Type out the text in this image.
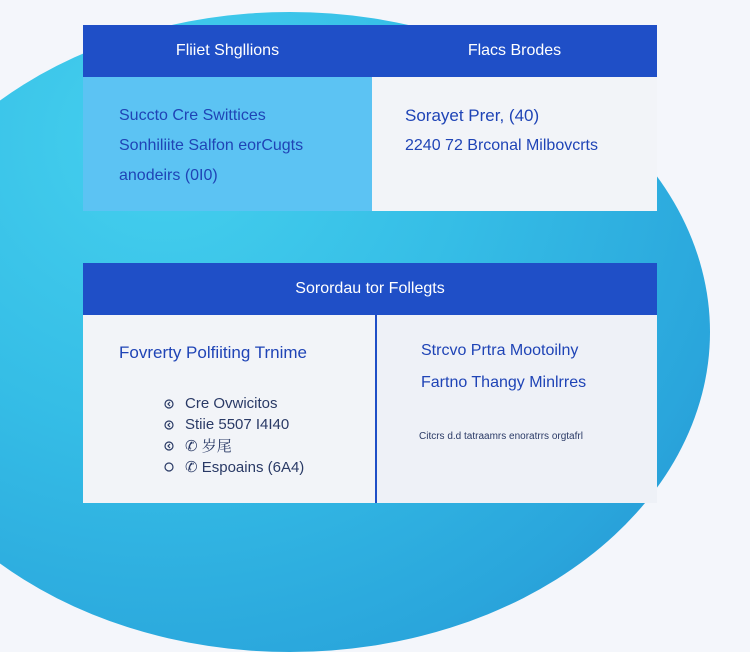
Fliiet Shgllions	Flacs Brodes
Succto Cre Swittices
Sonhiliite Salfon eorCugts
anodeirs (0I0)
Sorayet Prer, (40)
2240 72 Brconal Milbovcrts
Sorordau tor Follegts
Fovrerty Polfiiting Trnime
Cre Ovwicitos
Stiie 5507 I4I40
✆ 岁尾
✆ Espoains (6A4)
Strcvo Prtra Mootoilny
Fartno Thangy Minlrres
Citcrs d.d tatraamrs enoratrrs orgtafrl
